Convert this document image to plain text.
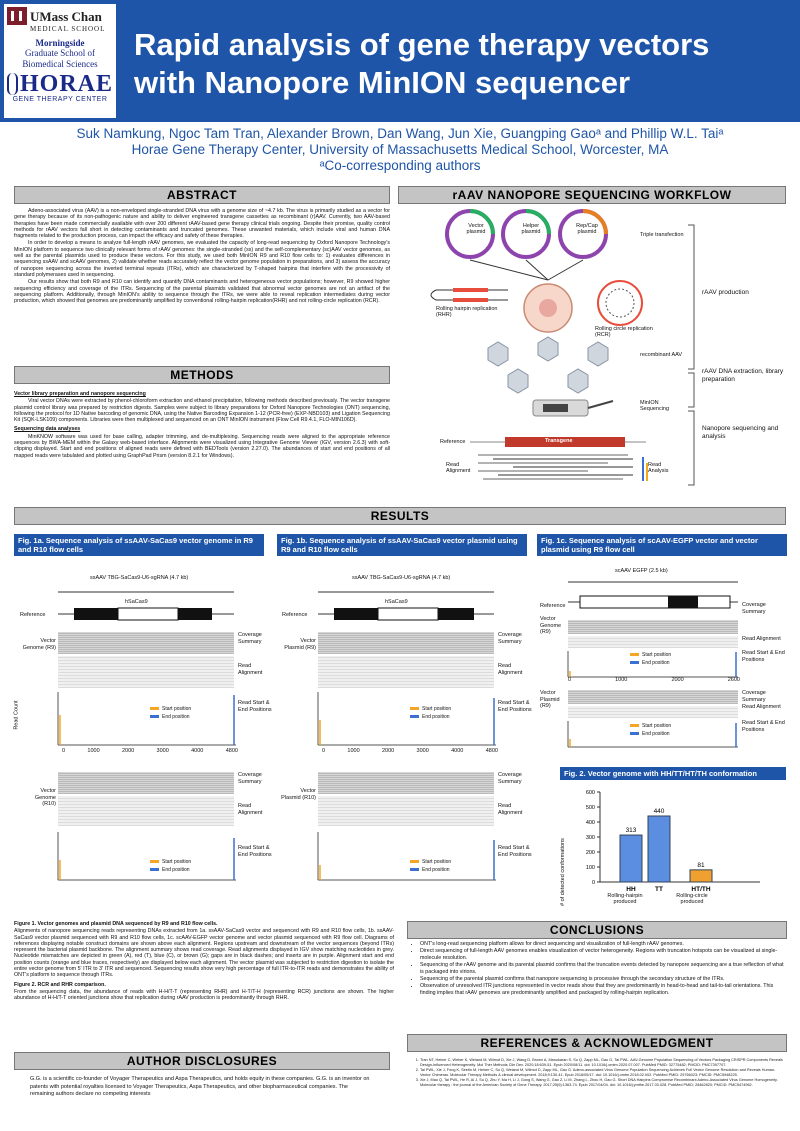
UMass Chan
MEDICAL SCHOOL
Morningside
Graduate School of
Biomedical Sciences
HORAE
GENE THERAPY CENTER
Rapid analysis of gene therapy vectors
with Nanopore MinION sequencer
Suk Namkung, Ngoc Tam Tran, Alexander Brown, Dan Wang, Jun Xie, Guangping Gaoᵃ and Phillip W.L. Taiᵃ
Horae Gene Therapy Center, University of Massachusetts Medical School, Worcester, MA
ᵃCo-corresponding authors
ABSTRACT

Adeno-associated virus (AAV) is a non-enveloped single-stranded DNA virus with a genome size of ~4.7 kb. The virus is primarily studied as a vector for gene therapy because of its non-pathogenic nature and ability to deliver engineered transgene cassettes as recombinant (r)AAV. Currently, two AAV-based therapies have been made commercially available with over 200 different rAAV-based gene therapy clinical trials ongoing. Despite their promise, quality control methods for rAAV vectors fall short in detecting contaminants and truncated genomes. These unwanted materials, which include viral and human DNA fragments related to the production process, can impact the efficacy and safety of these therapies.

In order to develop a means to analyze full-length rAAV genomes, we evaluated the capacity of long-read sequencing by Oxford Nanopore Technology's MinION platform to sequence two clinically relevant forms of rAAV genomes: the single-stranded (ss) and the self-complementary (sc)AAV vector genomes, as well as the parental plasmids used to produce these vectors. For this study, we used both MinION R9 and R10 flow cells to: 1) evaluates differences in sequencing ssAAV and scAAV genomes, 2) validate whether reads accurately reflect the vector genome population in preparations, and 3) assess the accuracy of nanopore sequencing across the inverted terminal repeats (ITRs), which are characterized by T-shaped hairpins that interfere with the processivity of standard polymerases used in sequencing.

Our results show that both R9 and R10 can identify and quantify DNA contaminants and heterogeneous vector populations; however, R9 showed higher sequencing efficiency and coverage of the ITRs. Sequencing of the parental plasmids validated that abnormal vector genomes are not an artifact of the sequencing platform. Additionally, through MinION's ability to sequence through the ITRs, we were able to reveal replication intermediates during vector production, which showed that genomes are predominantly amplified by conventional rolling-hairpin replication(RHR) and not rolling-circle replication (RCR).

METHODS

Vector library preparation and nanopore sequencing

Viral vector DNAs were extracted by phenol-chloroform extraction and ethanol precipitation, following methods described previously. The vector transgene plasmid control library was prepared by restriction digests. Samples were subject to library preparations for Oxford Nanopore Technologies (ONT) sequencing, following the protocol for 1D Native barcoding of genomic DNA, using the Native Barcoding Expansion 1-12 (PCR-free) (EXP-NBD103) and Ligation Sequencing Kit (SQK-LSK109) components. Libraries were then multiplexed and sequenced on an ONT MinION instrument (Flow Cell R9.4.1, FLO-MIN106D).

Sequencing data analyses

MinKNOW software was used for base calling, adapter trimming, and de-multiplexing. Sequencing reads were aligned to the appropriate reference sequences by BWA-MEM within the Galaxy web-based interface. Alignments were visualized using Integrative Genome Viewer (IGV, version 2.6.3) with soft-clipping displayed. Start and end positions of aligned reads were defined with BEDTools (version 2.27.0). The abundances of start and end positions of all mapped reads were tabulated and plotted using GraphPad Prism (version 8.2.1 for Windows).

rAAV NANOPORE SEQUENCING WORKFLOW
Vector plasmid
Helper plasmid
Rep/Cap plasmid	Triple transfection
Rolling hairpin replication (RHR)
Rolling circle replication (RCR)
rAAV production
recombinant AAV
rAAV DNA extraction, library preparation
MinION Sequencing
Nanopore sequencing and analysis
Reference	Transgene
Read Alignment
Read Analysis
RESULTS
Fig. 1a. Sequence analysis of ssAAV-SaCas9 vector genome in R9 and R10 flow cells
ssAAV TBG-SaCas9-U6-sgRNA (4.7 kb)
Reference
hSaCas9
Vector Genome (R9)
Read Count	Start position
End position
0	1000	2000	3000	4000	4800
Vector Genome (R10)
Start position
End position
Coverage Summary
Read Alignment
Read Start & End Positions
Coverage Summary
Read Alignment
Read Start & End Positions
Fig. 1b. Sequence analysis of ssAAV-SaCas9 vector plasmid using R9 and R10 flow cells
ssAAV TBG-SaCas9-U6-sgRNA (4.7 kb)
Reference
hSaCas9
Vector Plasmid (R9)
Start position
End position
0	1000	2000	3000	4000	4800
Vector Plasmid (R10)
Start position
End position
Coverage Summary
Read Alignment
Read Start & End Positions
Coverage Summary
Read Alignment
Read Start & End Positions
Fig. 1c. Sequence analysis of scAAV-EGFP vector and vector plasmid using R9 flow cell
scAAV EGFP (2.5 kb)
Reference
Vector Genome (R9)
Start position
End position
0	1000	2000	2600
Vector Plasmid (R9)
Start position
End position
Coverage Summary
Read Alignment
Read Start & End Positions
Coverage Summary
Read Alignment
Read Start & End Positions
Fig. 2. Vector genome with HH/TT/HT/TH conformation
# of detected conformations	0
100
200
300
400
500
600
313
HH
440
TT
81
HT/TH
Rolling-hairpin produced
Rolling-circle produced

Figure 1. Vector genomes and plasmid DNA sequenced by R9 and R10 flow cells.

Alignments of nanopore sequencing reads representing DNAs extracted from 1a. ssAAV-SaCas9 vector and sequenced with R9 and R10 flow cells, 1b. ssAAV-SaCas9 vector plasmid sequenced with R9 and R10 flow cells, 1c. scAAV-EGFP vector genome and vector plasmid sequenced with R9 flow cell. Diagrams of references displaying notable construct domains are shown above each alignment. Regions upstream and downstream of the vector sequences (beyond ITRs) represent the bacterial plasmid backbone. The alignment summary shows read coverage. Read alignments displayed in IGV show matching nucleotides in grey. Nucleotide mismatches are depicted in green (A), red (T), blue (C), or brown (G); gaps are in black dashes; and inserts are in purple. Alignment start and end position counts (orange and blue traces, respectively) are displayed below each alignment. The vector plasmid was subjected to restriction digestion to isolate the entire vector genome from 5' ITR to 3' ITR and sequenced. Sequencing results show very high percentage of full ITR-to-ITR reads and demonstrates the ability of ONT's platform to sequence through ITRs.

Figure 2. RCR and RHR comparison.

From the sequencing data, the abundance of reads with H-H/T-T (representing RHR) and H-T/T-H (representing RCR) junctions are shown. The higher abundance of H-H/T-T oriented junctions show that replication during rAAV production is predominantly through RHR.

AUTHOR DISCLOSURES

G.G. is a scientific co-founder of Voyager Therapeutics and Aspa Therapeutics, and holds equity in these companies. G.G. is an inventor on patents with potential royalties licensed to Voyager Therapeutics, Aspa Therapeutics, and other biopharmaceutical companies. The remaining authors declare no competing interests

CONCLUSIONS
• ONT's long-read sequencing platform allows for direct sequencing and visualization of full-length rAAV genomes.
• Direct sequencing of full-length AAV genomes enables visualization of vector heterogeneity. Regions with truncation hotspots can be visualized at single-molecule resolution.
• Sequencing of the rAAV genome and its parental plasmid confirms that the truncation events detected by nanopore sequencing are a true reflection of what is packaged into virions.
• Sequencing of the parental plasmid confirms that nanopore sequencing is processive through the secondary structure of the ITRs.
• Observation of unresolved ITR junctions represented in vector reads show that they are predominantly in head-to-head and tail-to-tail orientations. This finding implies that rAAV genomes are predominantly amplified and packaged by rolling-hairpin replication.
REFERENCES & ACKNOWLEDGMENT
1. Tran NT, Heiner C, Weber K, Weiand M, Wilmot D, Xie J, Wang D, Brown A, Manokaran S, Su Q, Zapp ML, Gao G, Tai PWL. AAV-Genome Population Sequencing of Vectors Packaging CRISPR Components Reveals Design-Influenced Heterogeneity. Mol Ther Methods Clin Dev. 2020;18:639-51. Epub 2020/08/11. doi: 10.1016/j.omtm.2020.07.007. PubMed PMID: 32775482; PMCID: PMC7397707.
2. Tai PWL, Xie J, Fong K, Seetin M, Heiner C, Su Q, Weiand M, Wilmot D, Zapp ML, Gao G. Adeno-associated Virus Genome Population Sequencing Achieves Full Vector Genome Resolution and Reveals Human-Vector Chimeras. Molecular Therapy Methods & clinical development. 2018;9:130-41. Epub 2018/05/17. doi: 10.1016/j.omtm.2018.02.002. PubMed PMID: 29766023; PMCID: PMC5948225.
3. Xie J, Mao Q, Tai PWL, He R, Ai J, Su Q, Zhu Y, Ma H, Li J, Gong S, Wang G, Gao Z, Li M, Zhang L, Zhou H, Gao G. Short DNA Hairpins Compromise Recombinant Adeno-Associated Virus Genome Homogeneity. Molecular therapy : the journal of the American Society of Gene Therapy. 2017;25(6):1363-74. Epub 2017/04/04. doi: 10.1016/j.ymthe.2017.03.028. PubMed PMID: 28462820; PMCID: PMC5474962.
